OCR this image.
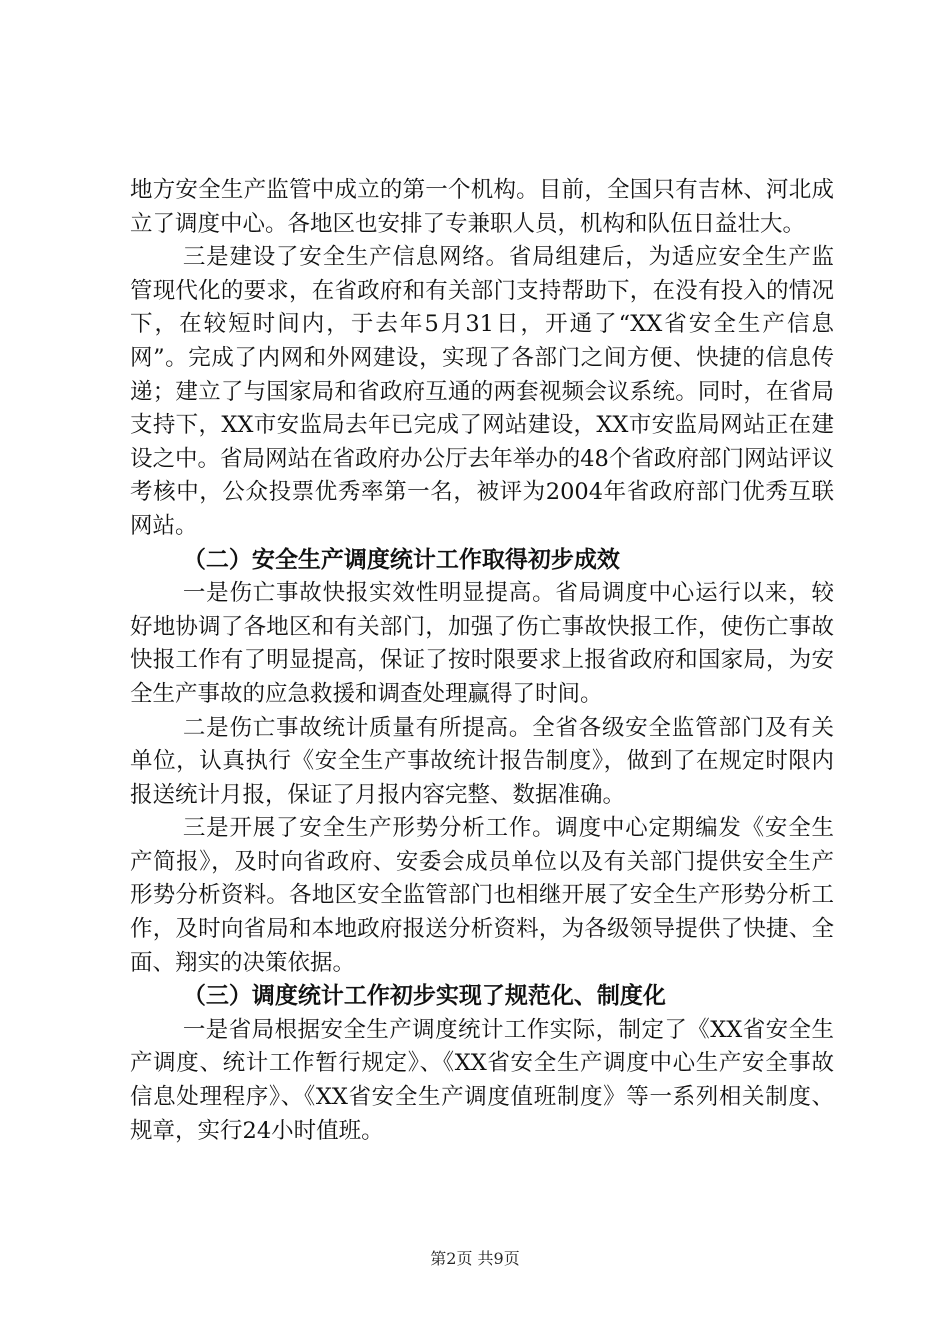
地方安全生产监管中成立的第一个机构。目前，全国只有吉林、河北成立了调度中心。各地区也安排了专兼职人员，机构和队伍日益壮大。

三是建设了安全生产信息网络。省局组建后，为适应安全生产监管现代化的要求，在省政府和有关部门支持帮助下，在没有投入的情况下，在较短时间内，于去年5月31日，开通了“XX省安全生产信息网”。完成了内网和外网建设，实现了各部门之间方便、快捷的信息传递；建立了与国家局和省政府互通的两套视频会议系统。同时，在省局支持下，XX市安监局去年已完成了网站建设，XX市安监局网站正在建设之中。省局网站在省政府办公厅去年举办的48个省政府部门网站评议考核中，公众投票优秀率第一名，被评为2004年省政府部门优秀互联网站。

（二）安全生产调度统计工作取得初步成效

一是伤亡事故快报实效性明显提高。省局调度中心运行以来，较好地协调了各地区和有关部门，加强了伤亡事故快报工作，使伤亡事故快报工作有了明显提高，保证了按时限要求上报省政府和国家局，为安全生产事故的应急救援和调查处理赢得了时间。

二是伤亡事故统计质量有所提高。全省各级安全监管部门及有关单位，认真执行《安全生产事故统计报告制度》，做到了在规定时限内报送统计月报，保证了月报内容完整、数据准确。

三是开展了安全生产形势分析工作。调度中心定期编发《安全生产简报》，及时向省政府、安委会成员单位以及有关部门提供安全生产形势分析资料。各地区安全监管部门也相继开展了安全生产形势分析工作，及时向省局和本地政府报送分析资料，为各级领导提供了快捷、全面、翔实的决策依据。

（三）调度统计工作初步实现了规范化、制度化

一是省局根据安全生产调度统计工作实际，制定了《XX省安全生产调度、统计工作暂行规定》、《XX省安全生产调度中心生产安全事故信息处理程序》、《XX省安全生产调度值班制度》等一系列相关制度、规章，实行24小时值班。

第2页 共9页
